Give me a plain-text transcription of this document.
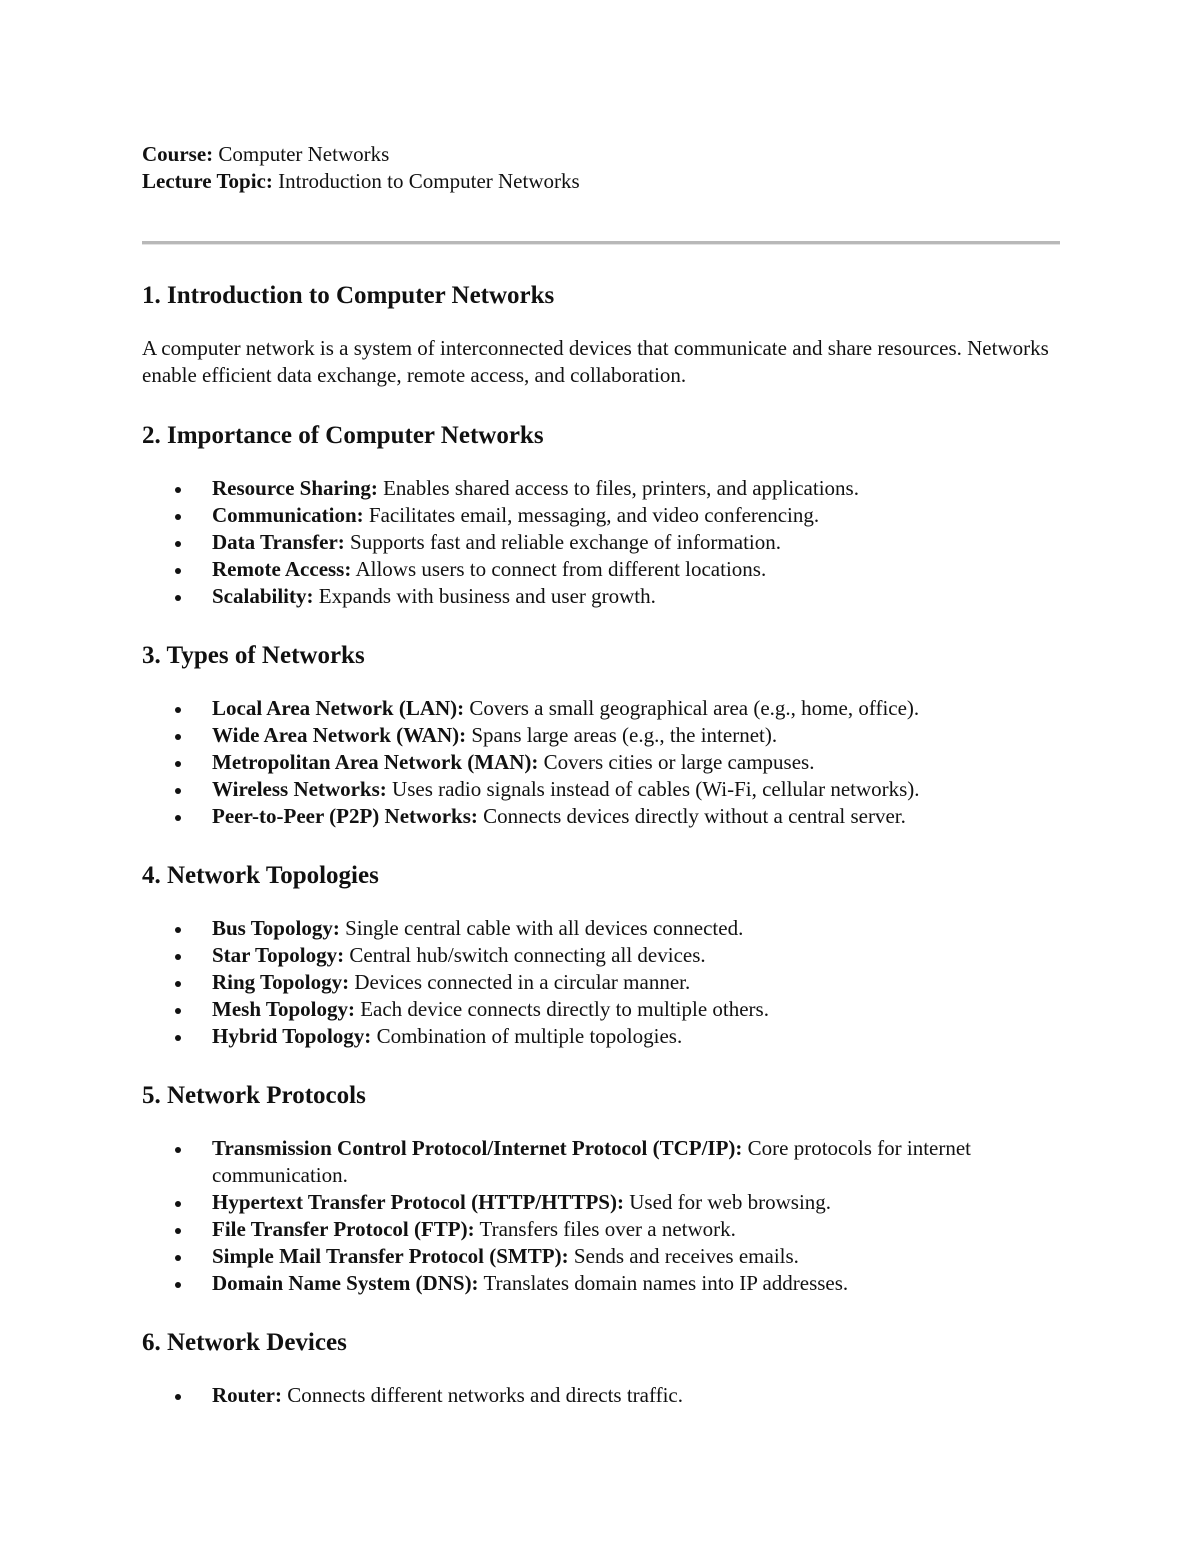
Course: Computer Networks

Lecture Topic: Introduction to Computer Networks

1. Introduction to Computer Networks

A computer network is a system of interconnected devices that communicate and share resources. Networks enable efficient data exchange, remote access, and collaboration.

2. Importance of Computer Networks
Resource Sharing: Enables shared access to files, printers, and applications.
Communication: Facilitates email, messaging, and video conferencing.
Data Transfer: Supports fast and reliable exchange of information.
Remote Access: Allows users to connect from different locations.
Scalability: Expands with business and user growth.
3. Types of Networks
Local Area Network (LAN): Covers a small geographical area (e.g., home, office).
Wide Area Network (WAN): Spans large areas (e.g., the internet).
Metropolitan Area Network (MAN): Covers cities or large campuses.
Wireless Networks: Uses radio signals instead of cables (Wi-Fi, cellular networks).
Peer-to-Peer (P2P) Networks: Connects devices directly without a central server.
4. Network Topologies
Bus Topology: Single central cable with all devices connected.
Star Topology: Central hub/switch connecting all devices.
Ring Topology: Devices connected in a circular manner.
Mesh Topology: Each device connects directly to multiple others.
Hybrid Topology: Combination of multiple topologies.
5. Network Protocols
Transmission Control Protocol/Internet Protocol (TCP/IP): Core protocols for internet communication.
Hypertext Transfer Protocol (HTTP/HTTPS): Used for web browsing.
File Transfer Protocol (FTP): Transfers files over a network.
Simple Mail Transfer Protocol (SMTP): Sends and receives emails.
Domain Name System (DNS): Translates domain names into IP addresses.
6. Network Devices
Router: Connects different networks and directs traffic.
